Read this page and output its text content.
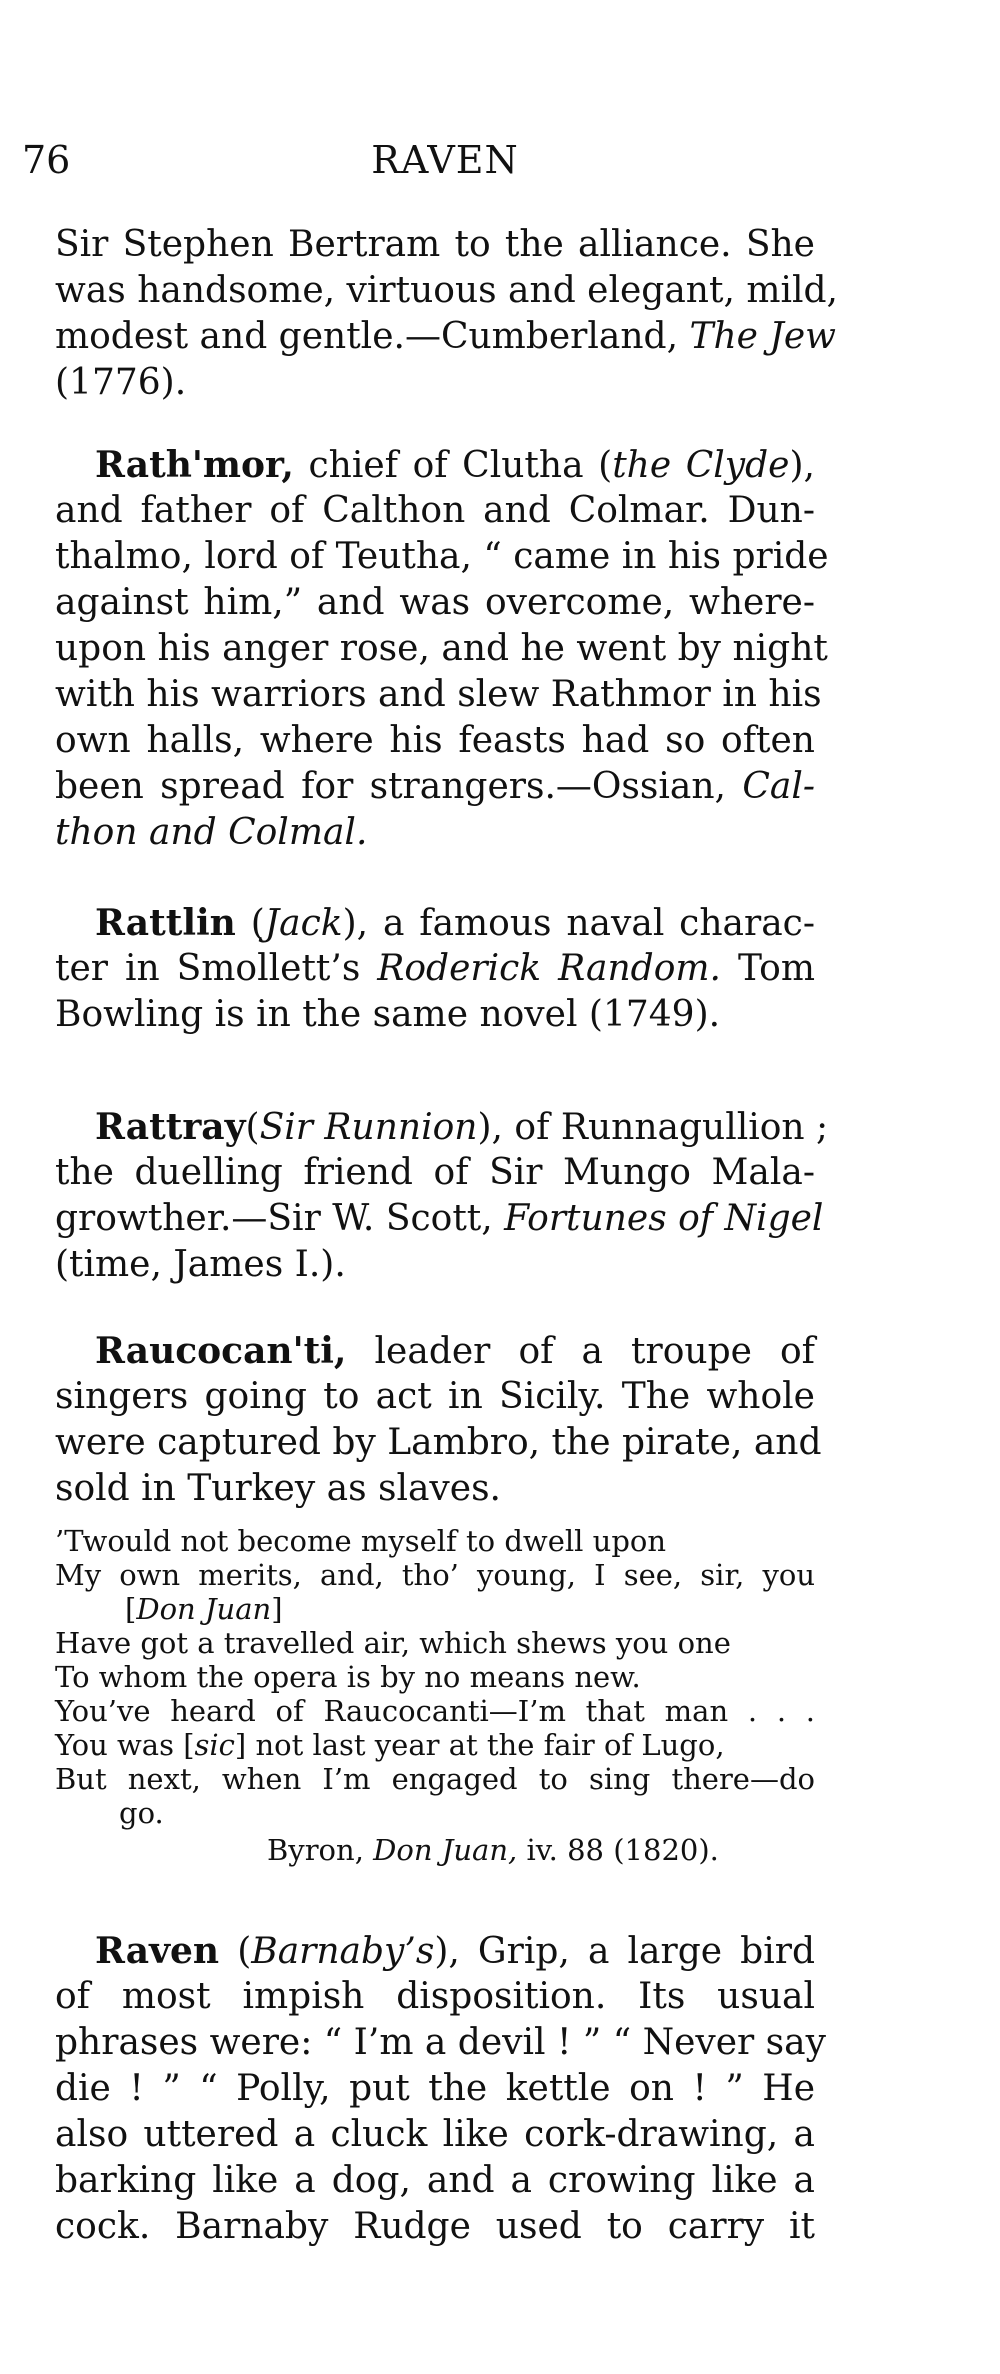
76	RAVEN
Sir Stephen Bertram to the alliance. She
was handsome, virtuous and elegant, mild,
modest and gentle.—Cumberland, The Jew
(1776).
Rath'mor, chief of Clutha (the Clyde),
and father of Calthon and Colmar. Dun-
thalmo, lord of Teutha, “ came in his pride
against him,” and was overcome, where-
upon his anger rose, and he went by night
with his warriors and slew Rathmor in his
own halls, where his feasts had so often
been spread for strangers.—Ossian, Cal-
thon and Colmal.
Rattlin (Jack), a famous naval charac-
ter in Smollett’s Roderick Random. Tom
Bowling is in the same novel (1749).
Rattray(Sir Runnion), of Runnagullion ;
the duelling friend of Sir Mungo Mala-
growther.—Sir W. Scott, Fortunes of Nigel
(time, James I.).
Raucocan'ti, leader of a troupe of
singers going to act in Sicily. The whole
were captured by Lambro, the pirate, and
sold in Turkey as slaves.
’Twould not become myself to dwell upon
My own merits, and, tho’ young, I see, sir, you
[Don Juan]
Have got a travelled air, which shews you one
To whom the opera is by no means new.
You’ve heard of Raucocanti—I’m that man . . .
You was [sic] not last year at the fair of Lugo,
But next, when I’m engaged to sing there—do
go.
Byron, Don Juan, iv. 88 (1820).
Raven (Barnaby’s), Grip, a large bird
of most impish disposition. Its usual
phrases were: “ I’m a devil ! ” “ Never say
die ! ” “ Polly, put the kettle on ! ” He
also uttered a cluck like cork-drawing, a
barking like a dog, and a crowing like a
cock. Barnaby Rudge used to carry it
